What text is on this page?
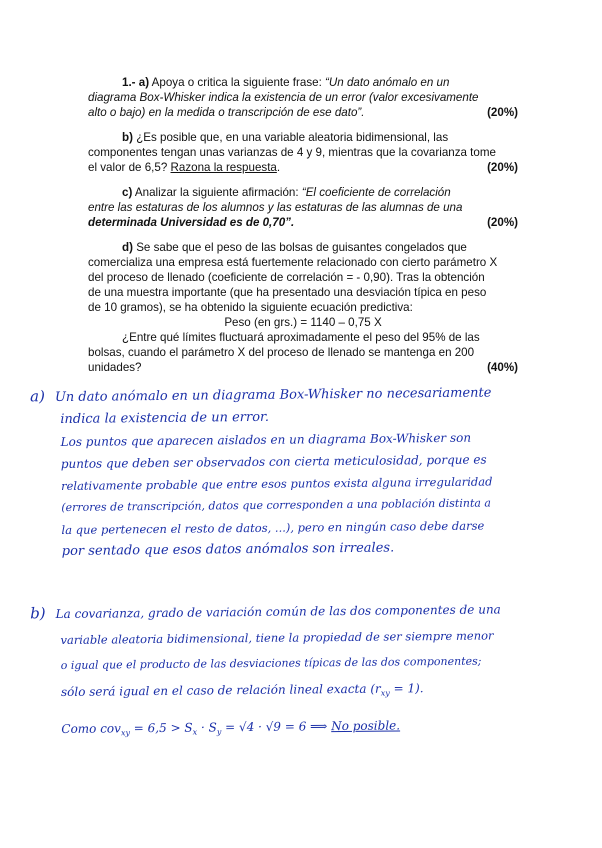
1.- a) Apoya o critica la siguiente frase: “Un dato anómalo en un
diagrama Box-Whisker indica la existencia de un error (valor excesivamente
alto o bajo) en la medida o transcripción de ese dato”.	(20%)
b) ¿Es posible que, en una variable aleatoria bidimensional, las
componentes tengan unas varianzas de 4 y 9, mientras que la covarianza tome
el valor de 6,5? Razona la respuesta.	(20%)
c) Analizar la siguiente afirmación: “El coeficiente de correlación
entre las estaturas de los alumnos y las estaturas de las alumnas de una
determinada Universidad es de 0,70”.	(20%)
d) Se sabe que el peso de las bolsas de guisantes congelados que
comercializa una empresa está fuertemente relacionado con cierto parámetro X
del proceso de llenado (coeficiente de correlación = - 0,90). Tras la obtención
de una muestra importante (que ha presentado una desviación típica en peso
de 10 gramos), se ha obtenido la siguiente ecuación predictiva:
Peso (en grs.) = 1140 – 0,75 X
¿Entre qué límites fluctuará aproximadamente el peso del 95% de las
bolsas, cuando el parámetro X del proceso de llenado se mantenga en 200
unidades?	(40%)
a) Un dato anómalo en un diagrama Box-Whisker no necesariamente
indica la existencia de un error.
Los puntos que aparecen aislados en un diagrama Box-Whisker son
puntos que deben ser observados con cierta meticulosidad, porque es
relativamente probable que entre esos puntos exista alguna irregularidad
(errores de transcripción, datos que corresponden a una población distinta a
la que pertenecen el resto de datos, ...), pero en ningún caso debe darse
por sentado que esos datos anómalos son irreales.
b) La covarianza, grado de variación común de las dos componentes de una
variable aleatoria bidimensional, tiene la propiedad de ser siempre menor
o igual que el producto de las desviaciones típicas de las dos componentes;
sólo será igual en el caso de relación lineal exacta $(r_{xy} = 1)$.
Como $cov_{xy} = 6,5 > S_x \cdot S_y = √4 \cdot √9 = 6$ ⟹ No posible.
